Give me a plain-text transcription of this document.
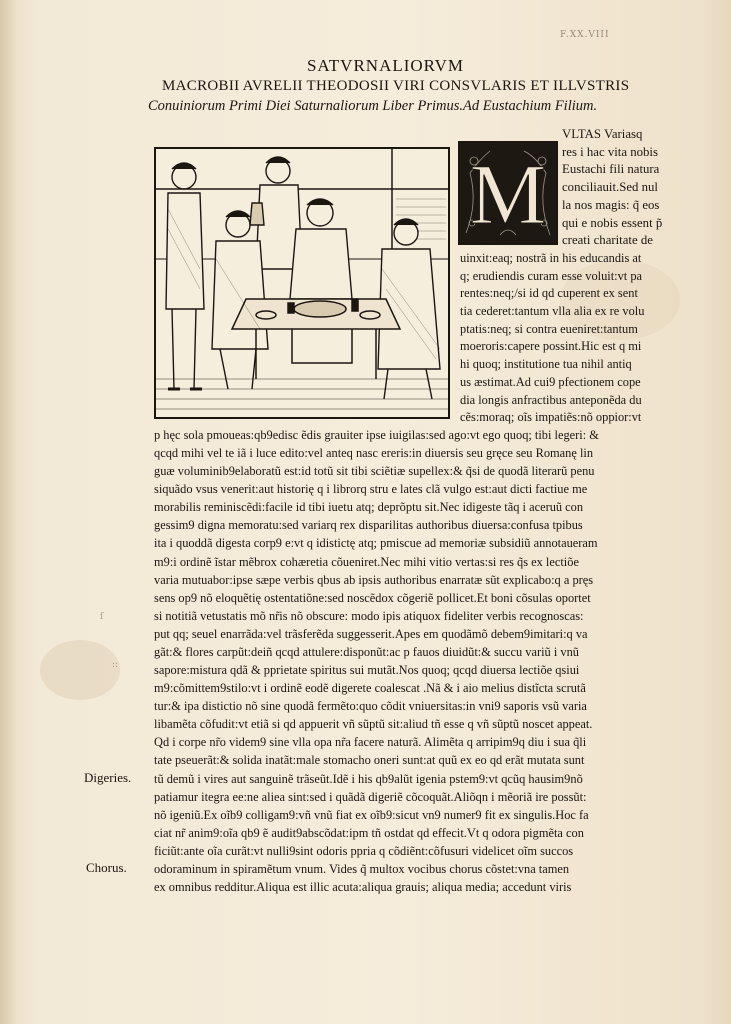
ſ
::
F.XX.VIII
SATVRNALIORVM
MACROBII AVRELII THEODOSII VIRI CONSVLARIS ET ILLVSTRIS
Conuiniorum Primi Diei Saturnaliorum Liber Primus.Ad Eustachium Filium.
M
VLTAS Variasq
res i hac vita nobis
Eustachi fili natura
conciliauit.Sed nul
la nos magis: q̃ eos
qui e nobis essent p̃
creati charitate de
uinxit:eaq; nostrã in his educandis at
q; erudiendis curam esse voluit:vt pa
rentes:neq;/si id qd cuperent ex sent
tia cederet:tantum vlla alia ex re volu
ptatis:neq; si contra eueniret:tantum
moeroris:capere possint.Hic est q mi
hi quoq; institutione tua nihil antiq
us æstimat.Ad cui9 pfectionem cope
dia longis anfractibus anteponẽda du
cẽs:moraq; oĩs impatiẽs:nõ oppior:vt
p hęc sola pmoueas:qb9edisc ẽdis grauiter ipse iuigilas:sed ago:vt ego quoq; tibi legeri: &
qcqd mihi vel te iã i luce edito:vel anteq nasc ereris:in diuersis seu gręce seu Romanę lin
guæ voluminib9elaboratũ est:id totũ sit tibi sciẽtiæ supellex:& q̃si de quodã literarũ penu
siquãdo vsus venerit:aut historię q i librorq stru e lates clã vulgo est:aut dicti factiue me
morabilis reminiscẽdi:facile id tibi iuetu atq; deprõptu sit.Nec idigeste tãq i aceruũ con
gessim9 digna memoratu:sed variarq rex disparilitas authoribus diuersa:confusa tpibus
ita i quoddã digesta corp9 e:vt q idistictę atq; pmiscue ad memoriæ subsidiũ annotaueram
m9:i ordinẽ ĩstar mẽbrox cohæretia cõueniret.Nec mihi vitio vertas:si res q̃s ex lectiõe
varia mutuabor:ipse sæpe verbis qbus ab ipsis authoribus enarratæ sũt explicabo:q a pręs
sens op9 nõ eloquẽtię ostentatiõne:sed noscẽdox cõgeriẽ pollicet.Et boni cõsulas oportet
si notitiã vetustatis mõ nr̃is nõ obscure: modo ipis atiquox fideliter verbis recognoscas:
put qq; seuel enarrãda:vel trãsferẽda suggesserit.Apes em quodãmõ debem9imitari:q va
gãt:& flores carpũt:deiñ qcqd attulere:disponũt:ac p fauos diuidũt:& succu variũ i vnũ
sapore:mistura qdã & pprietate spiritus sui mutãt.Nos quoq; qcqd diuersa lectiõe qsiui
m9:cõmittem9stilo:vt i ordinẽ eodẽ digerete coalescat .Nã & i aio melius distĩcta scrutã
tur:& ipa distictio nõ sine quodã fermẽto:quo cõdit vniuersitas:in vni9 saporis vsũ varia
libamẽta cõfudit:vt etiã si qd appuerit vñ sũptũ sit:aliud tñ esse q vñ sũptũ noscet appeat.
Qd i corpe nr̃o videm9 sine vlla opa nr̃a facere naturã. Alimẽta q arripim9q diu i sua q̃li
tate pseuerãt:& solida inatãt:male stomacho oneri sunt:at quũ ex eo qd erãt mutata sunt
tũ demũ i vires aut sanguinẽ trãseũt.Idẽ i his qb9alũt igenia pstem9:vt qcũq hausim9nõ
patiamur itegra ee:ne aliea sint:sed i quãdã digeriẽ cõcoquãt.Aliõqn i mẽoriã ire possũt:
nõ igeniũ.Ex oĩb9 colligam9:vñ vnũ fiat ex oĩb9:sicut vn9 numer9 fit ex singulis.Hoc fa
ciat nr̃ anim9:oĩa qb9 ẽ audit9abscõdat:ipm tñ ostdat qd effecit.Vt q odora pigmẽta con
ficiũt:ante oĩa curãt:vt nulli9sint odoris ppria q cõdiẽnt:cõfusuri videlicet oĩm succos
odoraminum in spiramẽtum vnum. Vides q̃ multox vocibus chorus cõstet:vna tamen
ex omnibus redditur.Aliqua est illic acuta:aliqua grauis; aliqua media; accedunt viris
Digeries.
Chorus.
